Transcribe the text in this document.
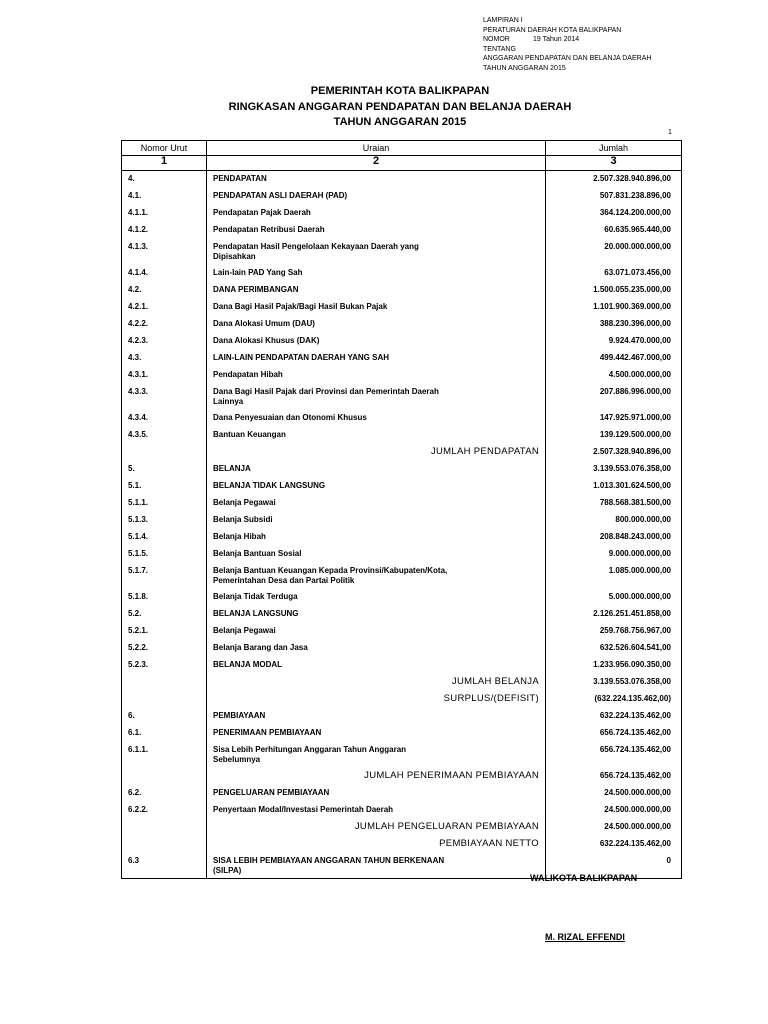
LAMPIRAN I
PERATURAN DAERAH KOTA BALIKPAPAN
NOMOR	19 Tahun 2014
TENTANG
ANGGARAN PENDAPATAN DAN BELANJA DAERAH
TAHUN ANGGARAN 2015
PEMERINTAH KOTA BALIKPAPAN
RINGKASAN ANGGARAN PENDAPATAN DAN BELANJA DAERAH
TAHUN ANGGARAN 2015
1
Nomor Urut	Uraian	Jumlah
1	2	3
4.	PENDAPATAN	2.507.328.940.896,00
4.1.	PENDAPATAN ASLI DAERAH (PAD)	507.831.238.896,00
4.1.1.	Pendapatan Pajak Daerah	364.124.200.000,00
4.1.2.	Pendapatan Retribusi Daerah	60.635.965.440,00
4.1.3.	Pendapatan Hasil Pengelolaan Kekayaan Daerah yang
Dipisahkan	20.000.000.000,00
4.1.4.	Lain-lain PAD Yang Sah	63.071.073.456,00
4.2.	DANA PERIMBANGAN	1.500.055.235.000,00
4.2.1.	Dana Bagi Hasil Pajak/Bagi Hasil Bukan Pajak	1.101.900.369.000,00
4.2.2.	Dana Alokasi Umum (DAU)	388.230.396.000,00
4.2.3.	Dana Alokasi Khusus (DAK)	9.924.470.000,00
4.3.	LAIN-LAIN PENDAPATAN DAERAH YANG SAH	499.442.467.000,00
4.3.1.	Pendapatan Hibah	4.500.000.000,00
4.3.3.	Dana Bagi Hasil Pajak dari Provinsi dan Pemerintah Daerah
Lainnya	207.886.996.000,00
4.3.4.	Dana Penyesuaian dan Otonomi Khusus	147.925.971.000,00
4.3.5.	Bantuan Keuangan	139.129.500.000,00

	JUMLAH PENDAPATAN	2.507.328.940.896,00
5.	BELANJA	3.139.553.076.358,00
5.1.	BELANJA TIDAK LANGSUNG	1.013.301.624.500,00
5.1.1.	Belanja Pegawai	788.568.381.500,00
5.1.3.	Belanja Subsidi	800.000.000,00
5.1.4.	Belanja Hibah	208.848.243.000,00
5.1.5.	Belanja Bantuan Sosial	9.000.000.000,00
5.1.7.	Belanja Bantuan Keuangan Kepada Provinsi/Kabupaten/Kota,
Pemerintahan Desa dan Partai Politik	1.085.000.000,00
5.1.8.	Belanja Tidak Terduga	5.000.000.000,00
5.2.	BELANJA LANGSUNG	2.126.251.451.858,00
5.2.1.	Belanja Pegawai	259.768.756.967,00
5.2.2.	Belanja Barang dan Jasa	632.526.604.541,00
5.2.3.	BELANJA MODAL	1.233.956.090.350,00

	JUMLAH BELANJA	3.139.553.076.358,00

	SURPLUS/(DEFISIT)	(632.224.135.462,00)
6.	PEMBIAYAAN	632.224.135.462,00
6.1.	PENERIMAAN PEMBIAYAAN	656.724.135.462,00
6.1.1.	Sisa Lebih Perhitungan Anggaran Tahun Anggaran
Sebelumnya	656.724.135.462,00

	JUMLAH PENERIMAAN PEMBIAYAAN	656.724.135.462,00
6.2.	PENGELUARAN PEMBIAYAAN	24.500.000.000,00
6.2.2.	Penyertaan Modal/Investasi Pemerintah Daerah	24.500.000.000,00

	JUMLAH PENGELUARAN PEMBIAYAAN	24.500.000.000,00

	PEMBIAYAAN NETTO	632.224.135.462,00
6.3	SISA LEBIH PEMBIAYAAN ANGGARAN TAHUN BERKENAAN
(SILPA)	0
WALIKOTA BALIKPAPAN
M. RIZAL EFFENDI
